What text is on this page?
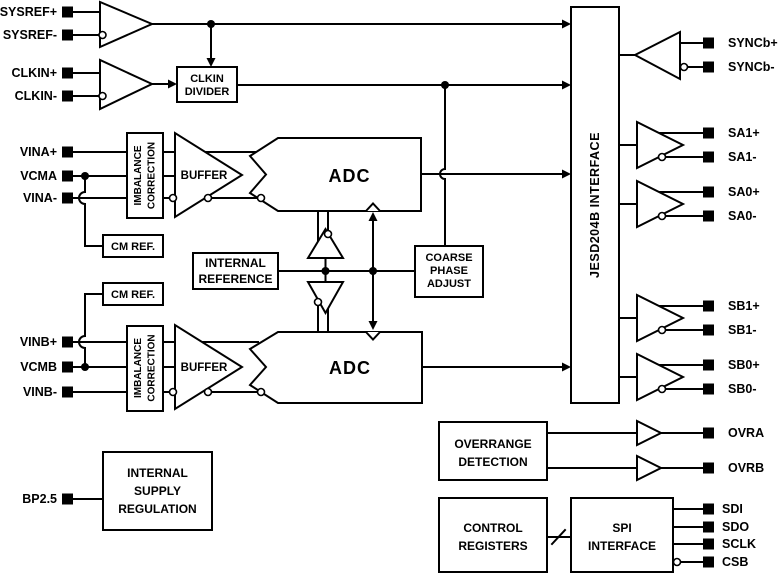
SYSREF+
SYSREF-
CLKIN+
CLKIN-
VINA+
VCMA
VINA-
VINB+
VCMB
VINB-
BP2.5
SYNCb+
SYNCb-
SA1+
SA1-
SA0+
SA0-
SB1+
SB1-
SB0+
SB0-
OVRA
OVRB
SDI
SDO
SCLK
CSB
CLKIN
DIVIDER
IMBALANCE CORRECTION BUFFER	ADC
CM REF.
IMBALANCE CORRECTION BUFFER	ADC
CM REF.
INTERNAL
REFERENCE
COARSE
PHASE
ADJUST
JESD204B INTERFACE
OVERRANGE
DETECTION
CONTROL
REGISTERS
SPI
INTERFACE
INTERNAL
SUPPLY
REGULATION
